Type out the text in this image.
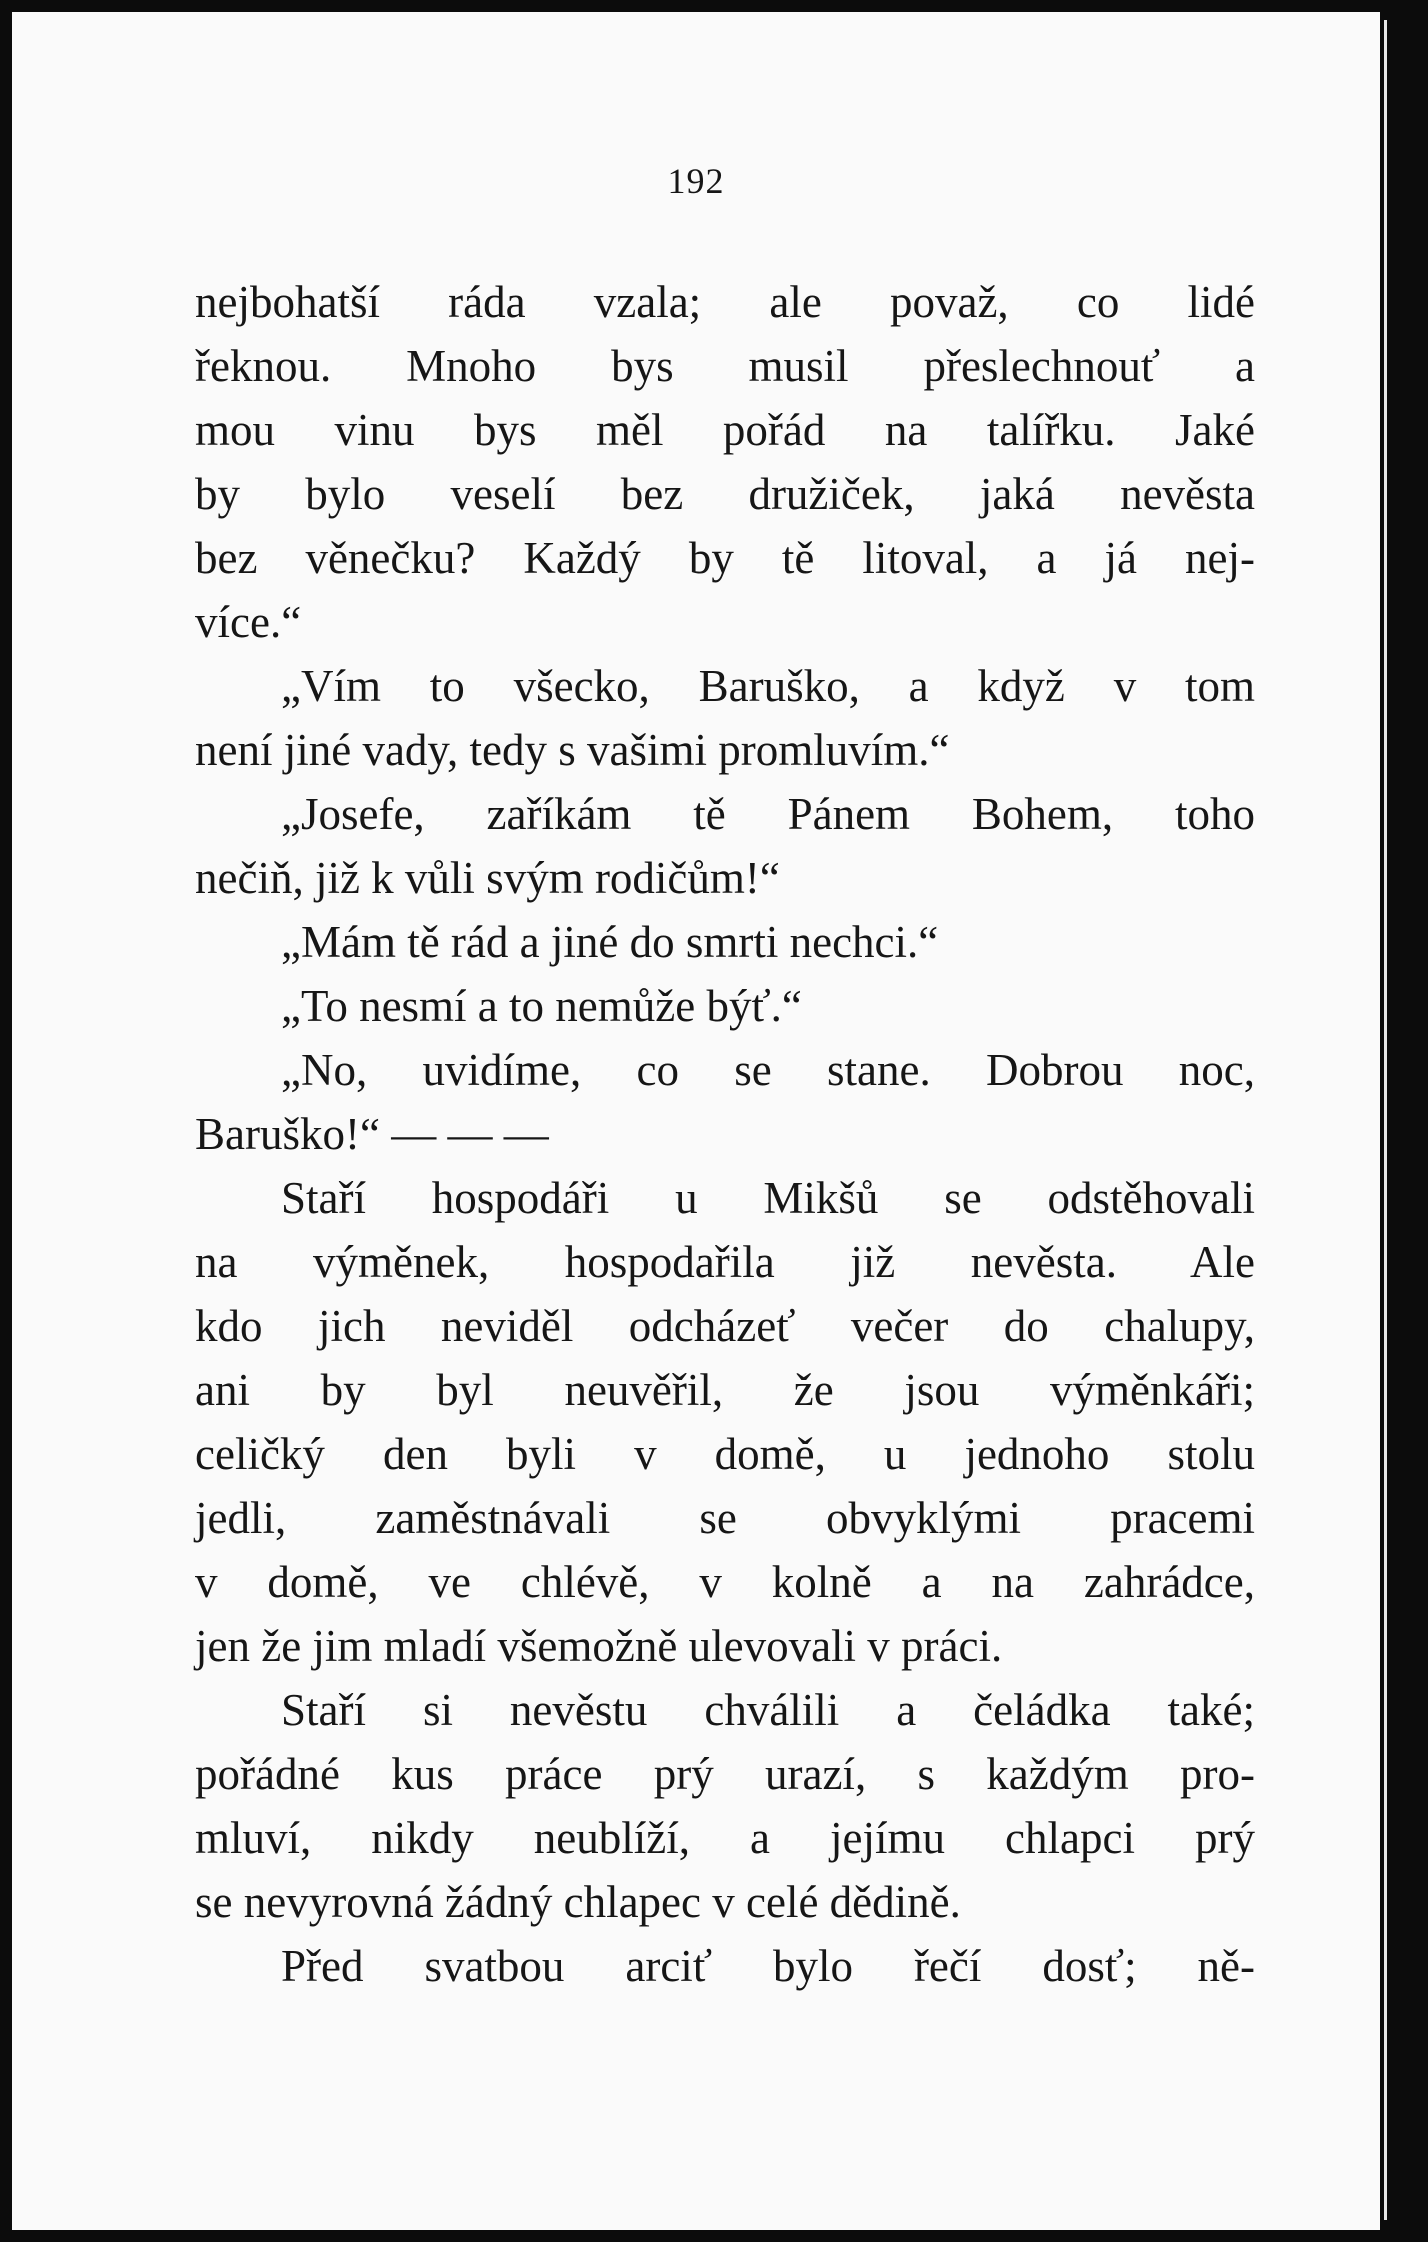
192
nejbohatší ráda vzala; ale považ, co lidé
řeknou. Mnoho bys musil přeslechnouť a
mou vinu bys měl pořád na talířku. Jaké
by bylo veselí bez družiček, jaká nevěsta
bez věnečku? Každý by tě litoval, a já nej-
více.“
„Vím to všecko, Baruško, a když v tom
není jiné vady, tedy s vašimi promluvím.“
„Josefe, zaříkám tě Pánem Bohem, toho
nečiň, již k vůli svým rodičům!“
„Mám tě rád a jiné do smrti nechci.“
„To nesmí a to nemůže býť.“
„No, uvidíme, co se stane. Dobrou noc,
Baruško!“ — — —
Staří hospodáři u Mikšů se odstěhovali
na výměnek, hospodařila již nevěsta. Ale
kdo jich neviděl odcházeť večer do chalupy,
ani by byl neuvěřil, že jsou výměnkáři;
celičký den byli v domě, u jednoho stolu
jedli, zaměstnávali se obvyklými pracemi
v domě, ve chlévě, v kolně a na zahrádce,
jen že jim mladí všemožně ulevovali v práci.
Staří si nevěstu chválili a čeládka také;
pořádné kus práce prý urazí, s každým pro-
mluví, nikdy neublíží, a jejímu chlapci prý
se nevyrovná žádný chlapec v celé dědině.
Před svatbou arciť bylo řečí dosť; ně-
